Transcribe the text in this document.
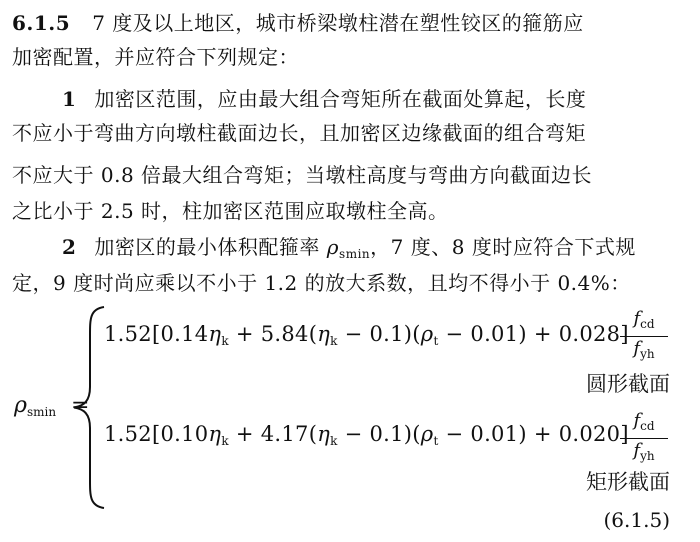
6.1.5 7 度及以上地区，城市桥梁墩柱潜在塑性铰区的箍筋应
加密配置，并应符合下列规定：
1 加密区范围，应由最大组合弯矩所在截面处算起，长度
不应小于弯曲方向墩柱截面边长，且加密区边缘截面的组合弯矩
不应大于 0.8 倍最大组合弯矩；当墩柱高度与弯曲方向截面边长
之比小于 2.5 时，柱加密区范围应取墩柱全高。
2 加密区的最小体积配箍率 $\rho_{smin}$，7 度、8 度时应符合下式规
定，9 度时尚应乘以不小于 1.2 的放大系数，且均不得小于 0.4%：
$\rho_{smin}$ =
$1.52[0.14\eta_k + 5.84(\eta_k - 0.1)(\rho_t - 0.01) + 0.028]$
$f_{cd}$
$f_{yh}$
圆形截面
$1.52[0.10\eta_k + 4.17(\eta_k - 0.1)(\rho_t - 0.01) + 0.020]$
$f_{cd}$
$f_{yh}$
矩形截面
(6.1.5)
